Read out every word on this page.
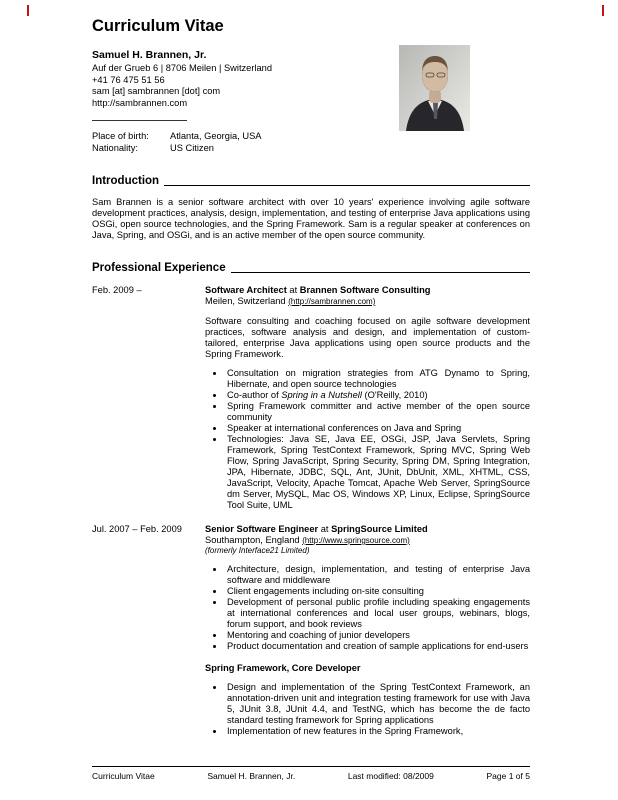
Curriculum Vitae
Samuel H. Brannen, Jr.
Auf der Grueb 6 | 8706 Meilen | Switzerland
+41 76 475 51 56
sam [at] sambrannen [dot] com
http://sambrannen.com
Place of birth:	Atlanta, Georgia, USA
Nationality:	US Citizen
Introduction
Sam Brannen is a senior software architect with over 10 years' experience involving agile software development practices, analysis, design, implementation, and testing of enterprise Java applications using OSGi, open source technologies, and the Spring Framework. Sam is a regular speaker at conferences on Java, Spring, and OSGi, and is an active member of the open source community.
Professional Experience
Feb. 2009 –	Software Architect at Brannen Software Consulting
Meilen, Switzerland (http://sambrannen.com)
Software consulting and coaching focused on agile software development practices, software analysis and design, and implementation of custom-tailored, enterprise Java applications using open source products and the Spring Framework.
• Consultation on migration strategies from ATG Dynamo to Spring, Hibernate, and open source technologies
• Co-author of Spring in a Nutshell (O'Reilly, 2010)
• Spring Framework committer and active member of the open source community
• Speaker at international conferences on Java and Spring
• Technologies: Java SE, Java EE, OSGi, JSP, Java Servlets, Spring Framework, Spring TestContext Framework, Spring MVC, Spring Web Flow, Spring JavaScript, Spring Security, Spring DM, Spring Integration, JPA, Hibernate, JDBC, SQL, Ant, JUnit, DbUnit, XML, XHTML, CSS, JavaScript, Velocity, Apache Tomcat, Apache Web Server, SpringSource dm Server, MySQL, Mac OS, Windows XP, Linux, Eclipse, SpringSource Tool Suite, UML
Jul. 2007 – Feb. 2009	Senior Software Engineer at SpringSource Limited
Southampton, England (http://www.springsource.com)
(formerly Interface21 Limited)
• Architecture, design, implementation, and testing of enterprise Java software and middleware
• Client engagements including on-site consulting
• Development of personal public profile including speaking engagements at international conferences and local user groups, webinars, blogs, forum support, and book reviews
• Mentoring and coaching of junior developers
• Product documentation and creation of sample applications for end-users
Spring Framework, Core Developer
• Design and implementation of the Spring TestContext Framework, an annotation-driven unit and integration testing framework for use with Java 5, JUnit 3.8, JUnit 4.4, and TestNG, which has become the de facto standard testing framework for Spring applications
• Implementation of new features in the Spring Framework,
Curriculum Vitae	Samuel H. Brannen, Jr.	Last modified: 08/2009	Page 1 of 5
